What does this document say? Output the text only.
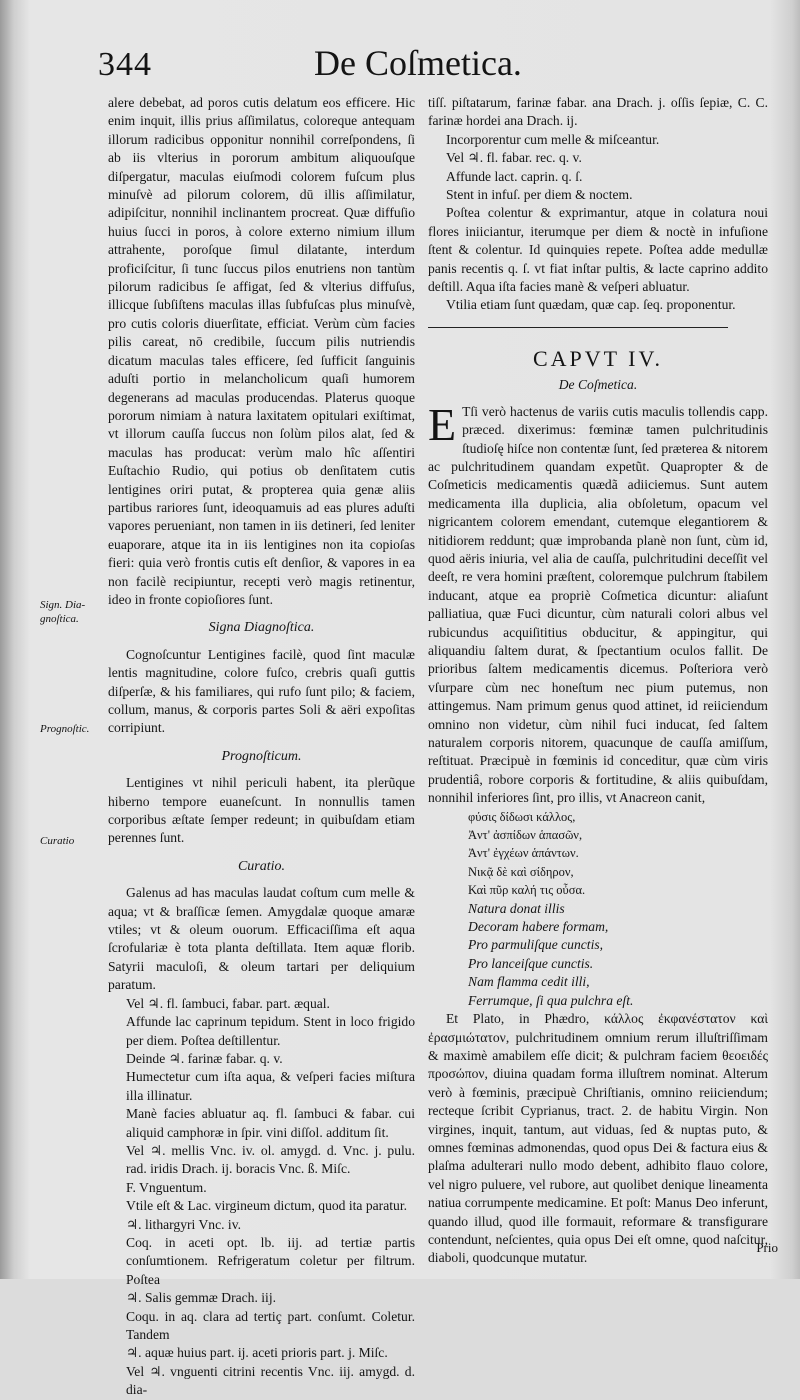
344	De Coſmetica.
Sign. Dia-gnoſtica.
Prognoſtic.
Curatio

alere debebat, ad poros cutis delatum eos efficere. Hic enim inquit, illis prius aſſimilatus, coloreque antequam illorum radicibus opponitur nonnihil correſpondens, ſi ab iis vlterius in pororum ambitum aliquouſque diſpergatur, maculas eiuſmodi colorem fuſcum plus minuſvè ad pilorum colorem, dū illis aſſimilatur, adipiſcitur, nonnihil inclinantem procreat. Quæ diffuſio huius ſucci in poros, à colore externo nimium illum attrahente, poroſque ſimul dilatante, interdum proficiſcitur, ſi tunc ſuccus pilos enutriens non tantùm pilorum radicibus ſe affigat, ſed & vlterius diffuſus, illicque ſubſiſtens maculas illas ſubfuſcas plus minuſvè, pro cutis coloris diuerſitate, efficiat. Verùm cùm facies pilis careat, nō credibile, ſuccum pilis nutriendis dicatum maculas tales efficere, ſed ſufficit ſanguinis aduſti portio in melancholicum quaſi humorem degenerans ad maculas producendas. Platerus quoque pororum nimiam à natura laxitatem opitulari exiſtimat, vt illorum cauſſa ſuccus non ſolùm pilos alat, ſed & maculas has producat: verùm malo hîc aſſentiri Euſtachio Rudio, qui potius ob denſitatem cutis lentigines oriri putat, & propterea quia genæ aliis partibus rariores ſunt, ideoquamuis ad eas plures aduſti vapores perueniant, non tamen in iis detineri, ſed leniter euaporare, atque ita in iis lentigines non ita copioſas fieri: quia verò frontis cutis eſt denſior, & vapores in ea non facilè recipiuntur, recepti verò magis retinentur, ideo in fronte copioſiores ſunt.

Signa Diagnoſtica.

Cognoſcuntur Lentigines facilè, quod ſint maculæ lentis magnitudine, colore fuſco, crebris quaſi guttis diſperſæ, & his familiares, qui rufo ſunt pilo; & faciem, collum, manus, & corporis partes Soli & aëri expoſitas corripiunt.

Prognoſticum.

Lentigines vt nihil periculi habent, ita plerũque hiberno tempore euaneſcunt. In nonnullis tamen corporibus æſtate ſemper redeunt; in quibuſdam etiam perennes ſunt.

Curatio.

Galenus ad has maculas laudat coſtum cum melle & aqua; vt & braſſicæ ſemen. Amygdalæ quoque amaræ vtiles; vt & oleum ouorum. Efficaciſſima eſt aqua ſcrofulariæ è tota planta deſtillata. Item aquæ florib. Satyrii maculoſi, & oleum tartari per deliquium paratum.

Vel ♃. fl. ſambuci, fabar. part. æqual.

Affunde lac caprinum tepidum. Stent in loco frigido per diem. Poſtea deſtillentur.

Deinde ♃. farinæ fabar. q. v.

Humectetur cum iſta aqua, & veſperi facies miſtura illa illinatur.

Manè facies abluatur aq. fl. ſambuci & fabar. cui aliquid camphoræ in ſpir. vini diſſol. additum ſit.

Vel ♃. mellis Vnc. iv. ol. amygd. d. Vnc. j. pulu. rad. iridis Drach. ij. boracis Vnc. ß. Miſc.

F. Vnguentum.

Vtile eſt & Lac. virgineum dictum, quod ita paratur.

♃. lithargyri Vnc. iv.

Coq. in aceti opt. lb. iij. ad tertiæ partis conſumtionem. Refrigeratum coletur per filtrum. Poſtea

♃. Salis gemmæ Drach. iij.

Coqu. in aq. clara ad tertiç part. conſumt. Coletur. Tandem

♃. aquæ huius part. ij. aceti prioris part. j. Miſc.

Vel ♃. vnguenti citrini recentis Vnc. iij. amygd. d. dia-

tiſſ. piſtatarum, farinæ fabar. ana Drach. j. oſſis ſepiæ, C. C. farinæ hordei ana Drach. ij.

Incorporentur cum melle & miſceantur.

Vel ♃. fl. fabar. rec. q. v.

Affunde lact. caprin. q. ſ.

Stent in infuſ. per diem & noctem.

Poſtea colentur & exprimantur, atque in colatura noui flores iniiciantur, iterumque per diem & noctè in infuſione ſtent & colentur. Id quinquies repete. Poſtea adde medullæ panis recentis q. ſ. vt fiat inſtar pultis, & lacte caprino addito deſtill. Aqua iſta facies manè & veſperi abluatur.

Vtilia etiam ſunt quædam, quæ cap. ſeq. proponentur.

CAPVT IV.
De Coſmetica.

E Tſi verò hactenus de variis cutis maculis tollendis capp. præced. dixerimus: fœminæ tamen pulchritudinis ſtudioſę hiſce non contentæ ſunt, ſed præterea & nitorem ac pulchritudinem quandam expetũt. Quapropter & de Coſmeticis medicamentis quædã adiiciemus. Sunt autem medicamenta illa duplicia, alia obſoletum, opacum vel nigricantem colorem emendant, cutemque elegantiorem & nitidiorem reddunt; quæ improbanda planè non ſunt, cùm id, quod aëris iniuria, vel alia de cauſſa, pulchritudini deceſſit vel deeſt, re vera homini præſtent, coloremque pulchrum ſtabilem inducant, atque ea propriè Coſmetica dicuntur: aliaſunt palliatiua, quæ Fuci dicuntur, cùm naturali colori albus vel rubicundus acquiſititius obducitur, & appingitur, qui aliquandiu ſaltem durat, & ſpectantium oculos fallit. De prioribus ſaltem medicamentis dicemus. Poſteriora verò vſurpare cùm nec honeſtum nec pium putemus, non attingemus. Nam primum genus quod attinet, id reiiciendum omnino non videtur, cùm nihil fuci inducat, ſed ſaltem naturalem corporis nitorem, quacunque de cauſſa amiſſum, reſtituat. Præcipuè in fœminis id conceditur, quæ cùm viris prudentiâ, robore corporis & fortitudine, & aliis quibuſdam, nonnihil inferiores ſint, pro illis, vt Anacreon canit,

φύσις δίδωσι κάλλος,
Ἀντ' ἀσπίδων ἁπασῶν,
Ἀντ' ἐγχέων ἁπάντων.
Νικᾷ δὲ καὶ σίδηρον,
Καὶ πῦρ καλή τις οὖσα.
Natura donat illis
Decoram habere formam,
Pro parmuliſque cunctis,
Pro lanceiſque cunctis.
Nam flamma cedit illi,
Ferrumque, ſi qua pulchra eſt.

Et Plato, in Phædro, κάλλος ἐκφανέστατον καὶ ἐρασμιώτατον, pulchritudinem omnium rerum illuſtriſſimam & maximè amabilem eſſe dicit; & pulchram faciem θεοειδές προσώπον, diuina quadam forma illuſtrem nominat. Alterum verò à fœminis, præcipuè Chriſtianis, omnino reiiciendum; recteque ſcribit Cyprianus, tract. 2. de habitu Virgin. Non virgines, inquit, tantum, aut viduas, ſed & nuptas puto, & omnes fœminas admonendas, quod opus Dei & factura eius & plaſma adulterari nullo modo debent, adhibito flauo colore, vel nigro puluere, vel rubore, aut quolibet denique lineamenta natiua corrumpente medicamine. Et poſt: Manus Deo inferunt, quando illud, quod ille formauit, reformare & transfigurare contendunt, neſcientes, quia opus Dei eſt omne, quod naſcitur, diaboli, quodcunque mutatur.

Prio
